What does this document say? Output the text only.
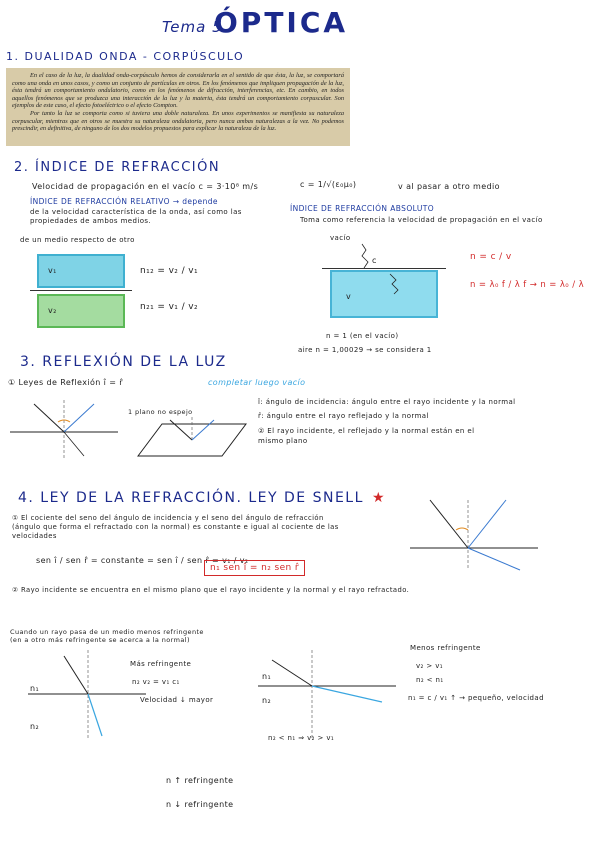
Tema 5.
ÓPTICA
1. DUALIDAD ONDA - CORPÚSCULO

En el caso de la luz, la dualidad onda-corpúsculo hemos de considerarla en el sentido de que ésta, la luz, se comportará como una onda en unos casos, y como un conjunto de partículas en otros. En los fenómenos que impliquen propagación de la luz, ésta tendrá un comportamiento ondulatorio, como en los fenómenos de difracción, interferencias, etc. En cambio, en todos aquellos fenómenos que se produzca una interacción de la luz y la materia, ésta tendrá un comportamiento corpuscular. Son ejemplos de este caso, el efecto fotoeléctrico o el efecto Compton.

Por tanto la luz se comporta como si tuviera una doble naturaleza. En unos experimentos se manifiesta su naturaleza corpuscular, mientras que en otros se muestra su naturaleza ondulatoria, pero nunca ambas naturalezas a la vez. No podemos prescindir, en definitiva, de ninguno de los dos modelos propuestos para explicar la naturaleza de la luz.

2. ÍNDICE DE REFRACCIÓN
Velocidad de propagación en el vacío c = 3·10⁸ m/s	c = 1/√(ε₀μ₀)	v al pasar a otro medio
ÍNDICE DE REFRACCIÓN RELATIVO → depende
de la velocidad característica de la onda, así como las propiedades de ambos medios.
de un medio respecto de otro
v₁
v₂
n₁₂ = v₂ / v₁
n₂₁ = v₁ / v₂
ÍNDICE DE REFRACCIÓN ABSOLUTO
Toma como referencia la velocidad de propagación en el vacío
vacío
c
v
n = c / v
n = λ₀ f / λ f → n = λ₀ / λ
n = 1 (en el vacío)
aire n = 1,00029 → se considera 1
3. REFLEXIÓN DE LA LUZ
① Leyes de Reflexión î = r̂	completar luego vacío
1 plano no espejo
î: ángulo de incidencia: ángulo entre el rayo incidente y la normal
r̂: ángulo entre el rayo reflejado y la normal
② El rayo incidente, el reflejado y la normal están en el mismo plano
4. LEY DE LA REFRACCIÓN. LEY DE SNELL ★
① El cociente del seno del ángulo de incidencia y el seno del ángulo de refracción (ángulo que forma el refractado con la normal) es constante e igual al cociente de las velocidades
sen î / sen r̂ = constante = sen î / sen r̂ = v₁ / v₂
n₁ sen î = n₂ sen r̂
② Rayo incidente se encuentra en el mismo plano que el rayo incidente y la normal y el rayo refractado.
Cuando un rayo pasa de un medio menos refringente (en a otro más refringente se acerca a la normal)
n₁
n₂
Más refringente
n₂ v₂ = v₁ c₁
Velocidad ↓ mayor
n₁
n₂
n₂ < n₁ ⇒ v₂ > v₁
Menos refringente
v₂ > v₁
n₂ < n₁
n₁ = c / v₁ ↑ → pequeño, velocidad
n ↑ refringente
n ↓ refringente
